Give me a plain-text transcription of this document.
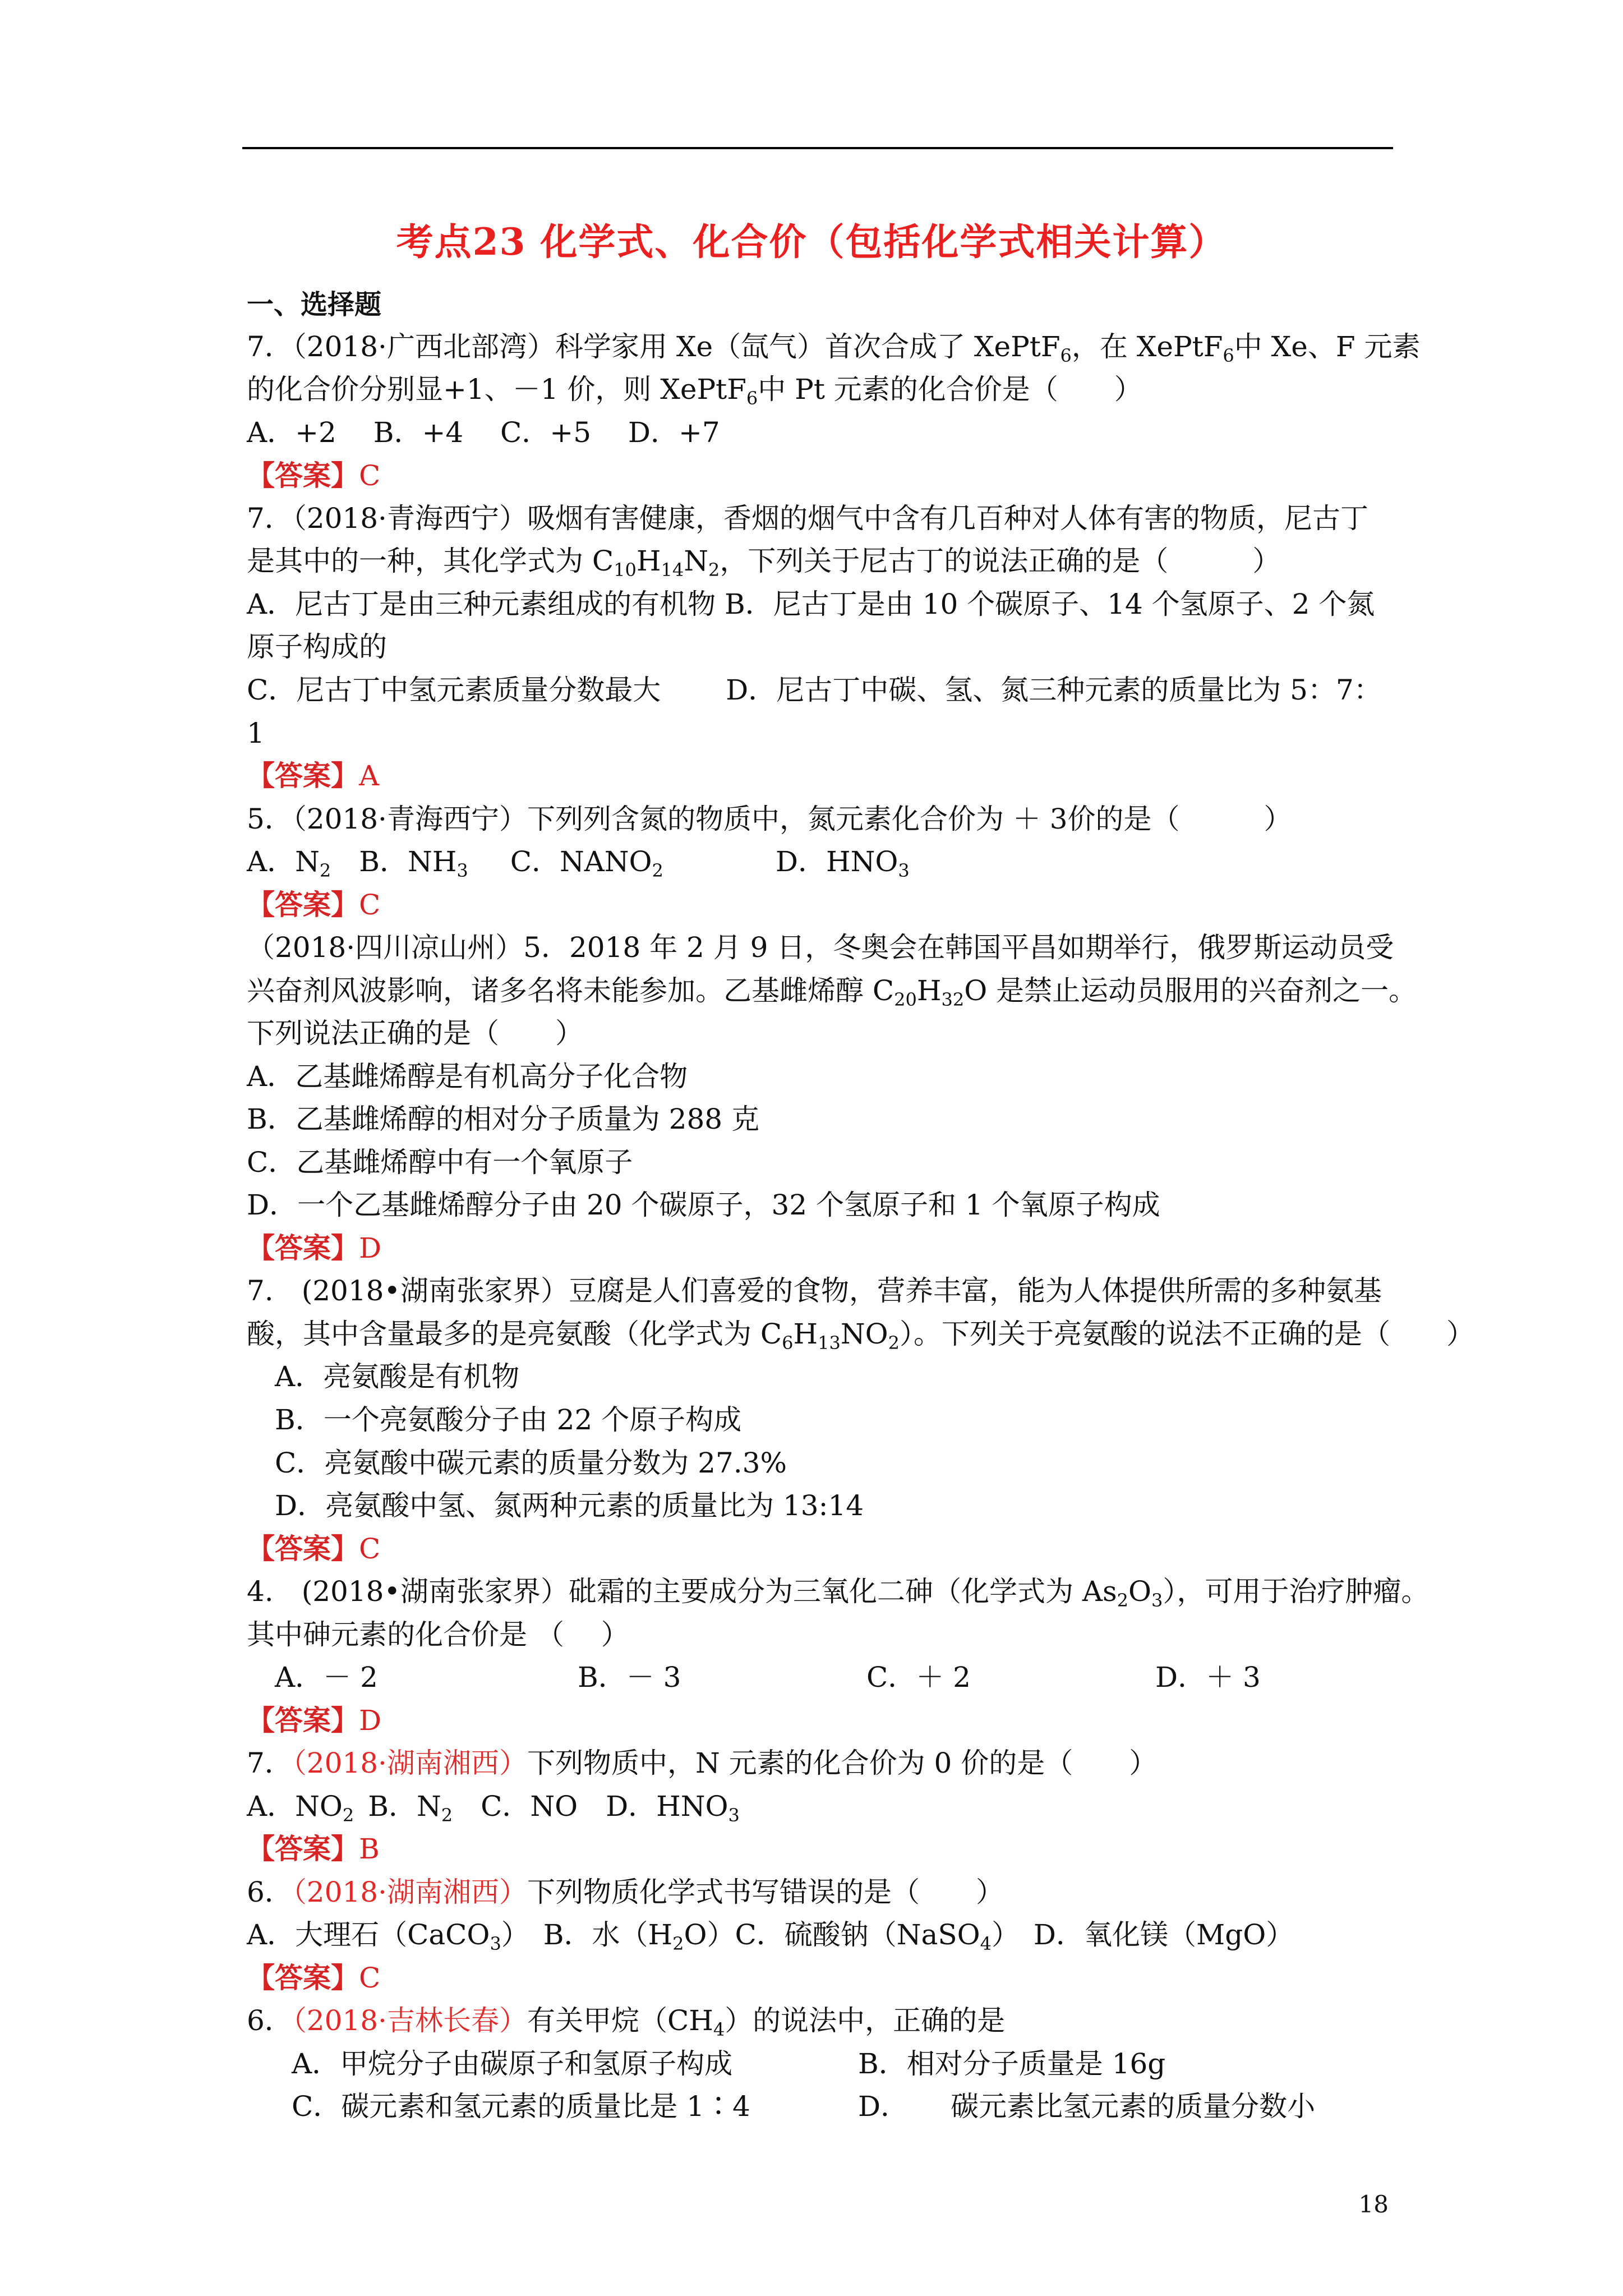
考点23 化学式、化合价（包括化学式相关计算）
一、选择题
7．（2018·广西北部湾）科学家用 Xe（氙气）首次合成了 XePtF$_6$，在 XePtF$_6$中 Xe、F 元素
的化合价分别显+1、－1 价，则 XePtF$_6$中 Pt 元素的化合价是（　　）
A．+2　 B．+4　 C．+5　 D．+7
【答案】C
7．（2018·青海西宁）吸烟有害健康，香烟的烟气中含有几百种对人体有害的物质，尼古丁
是其中的一种，其化学式为 $C_{10}H_{14}N_2$，下列关于尼古丁的说法正确的是（　　　）
A．尼古丁是由三种元素组成的有机物 B．尼古丁是由 10 个碳原子、14 个氢原子、2 个氮
原子构成的
C．尼古丁中氢元素质量分数最大　　 D．尼古丁中碳、氢、氮三种元素的质量比为 5：7：
1
【答案】A
5．（2018·青海西宁）下列列含氮的物质中，氮元素化合价为 ＋ 3价的是（　　　）
A．$N_2$  B．$NH_3$   C．$NANO_2$    	D．$HNO_3$
【答案】C
（2018·四川凉山州）5．2018 年 2 月 9 日，冬奥会在韩国平昌如期举行，俄罗斯运动员受
兴奋剂风波影响，诸多名将未能参加。乙基雌烯醇 $C_{20}H_{32}O$ 是禁止运动员服用的兴奋剂之一。
下列说法正确的是（　　）
A．乙基雌烯醇是有机高分子化合物
B．乙基雌烯醇的相对分子质量为 288 克
C．乙基雌烯醇中有一个氧原子
D．一个乙基雌烯醇分子由 20 个碳原子，32 个氢原子和 1 个氧原子构成
【答案】D
7.　(2018•湖南张家界）豆腐是人们喜爱的食物，营养丰富，能为人体提供所需的多种氨基
酸，其中含量最多的是亮氨酸（化学式为 $C_6H_{13}NO_2$）。下列关于亮氨酸的说法不正确的是（　　）
A．亮氨酸是有机物
B．一个亮氨酸分子由 22 个原子构成
C．亮氨酸中碳元素的质量分数为 27.3%
D．亮氨酸中氢、氮两种元素的质量比为 13:14
【答案】C
4.　(2018•湖南张家界）砒霜的主要成分为三氧化二砷（化学式为 $As_2O_3$），可用于治疗肿瘤。
其中砷元素的化合价是 （　 ）
A．－ 2	B．－ 3	C．＋ 2	D．＋ 3
【答案】D
7．（2018·湖南湘西）下列物质中，N 元素的化合价为 0 价的是（　　）
A．$NO_2$  B．$N_2$  C．NO  D．$HNO_3$
【答案】B
6．（2018·湖南湘西）下列物质化学式书写错误的是（　　）
A．大理石（CaCO$_3$）　B．水$(H_2O)C$．硫酸钠（NaSO$_4$）　D．氧化镁（MgO）
【答案】C
6．（2018·吉林长春）有关甲烷$(CH_4)$的说法中，正确的是
A．甲烷分子由碳原子和氢原子构成	B．相对分子质量是 16g
C．碳元素和氢元素的质量比是 1∶4	D．　　碳元素比氢元素的质量分数小
18
